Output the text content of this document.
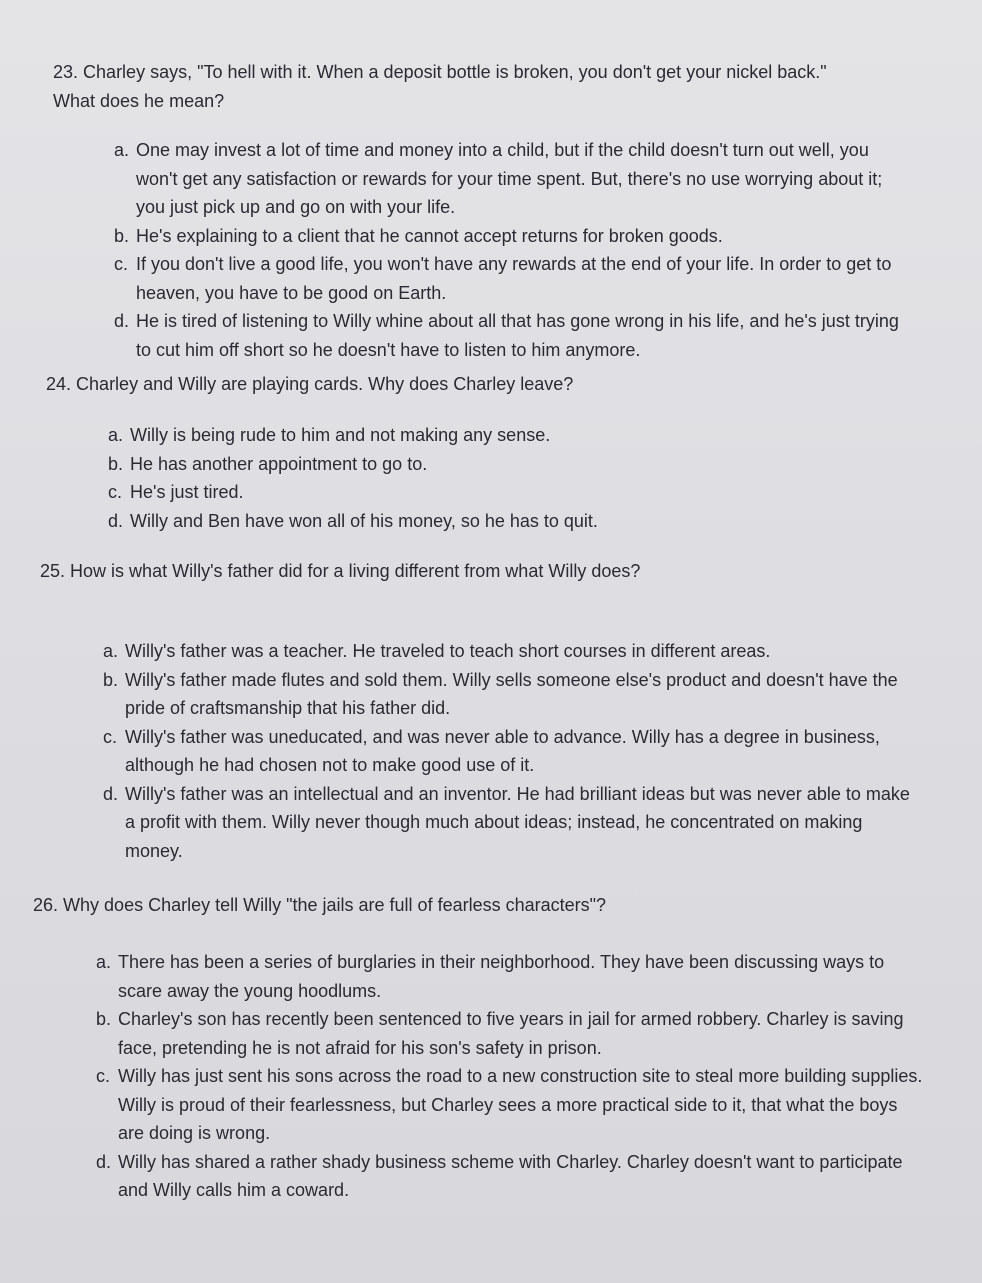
23. Charley says, "To hell with it. When a deposit bottle is broken, you don't get your nickel back." What does he mean?

a. One may invest a lot of time and money into a child, but if the child doesn't turn out well, you won't get any satisfaction or rewards for your time spent. But, there's no use worrying about it; you just pick up and go on with your life.
b. He's explaining to a client that he cannot accept returns for broken goods.
c. If you don't live a good life, you won't have any rewards at the end of your life. In order to get to heaven, you have to be good on Earth.
d. He is tired of listening to Willy whine about all that has gone wrong in his life, and he's just trying to cut him off short so he doesn't have to listen to him anymore.

24. Charley and Willy are playing cards. Why does Charley leave?

a. Willy is being rude to him and not making any sense.
b. He has another appointment to go to.
c. He's just tired.
d. Willy and Ben have won all of his money, so he has to quit.

25. How is what Willy's father did for a living different from what Willy does?

a. Willy's father was a teacher. He traveled to teach short courses in different areas.
b. Willy's father made flutes and sold them. Willy sells someone else's product and doesn't have the pride of craftsmanship that his father did.
c. Willy's father was uneducated, and was never able to advance. Willy has a degree in business, although he had chosen not to make good use of it.
d. Willy's father was an intellectual and an inventor. He had brilliant ideas but was never able to make a profit with them. Willy never though much about ideas; instead, he concentrated on making money.

26. Why does Charley tell Willy "the jails are full of fearless characters"?

a. There has been a series of burglaries in their neighborhood. They have been discussing ways to scare away the young hoodlums.
b. Charley's son has recently been sentenced to five years in jail for armed robbery. Charley is saving face, pretending he is not afraid for his son's safety in prison.
c. Willy has just sent his sons across the road to a new construction site to steal more building supplies. Willy is proud of their fearlessness, but Charley sees a more practical side to it, that what the boys are doing is wrong.
d. Willy has shared a rather shady business scheme with Charley. Charley doesn't want to participate and Willy calls him a coward.
